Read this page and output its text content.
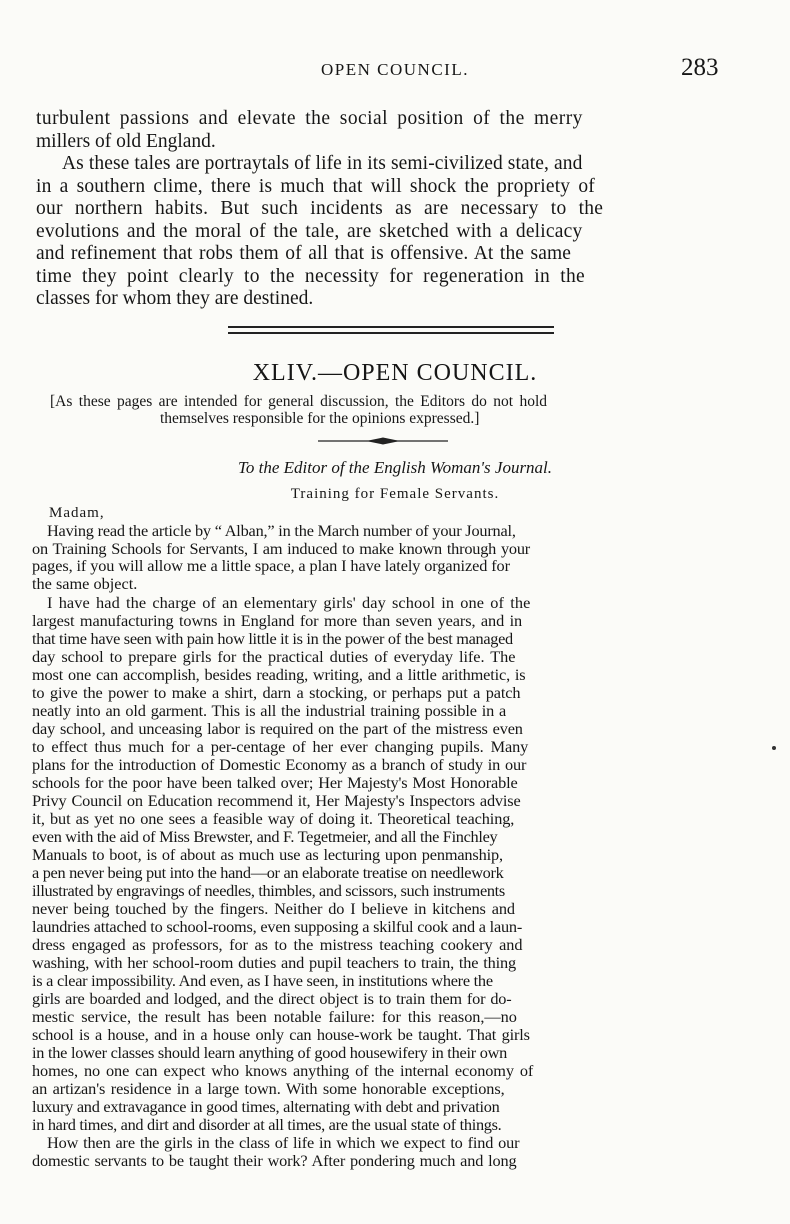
OPEN COUNCIL.	283
turbulent passions and elevate the social position of the merry
millers of old England.
As these tales are portraytals of life in its semi-civilized state, and
in a southern clime, there is much that will shock the propriety of
our northern habits. But such incidents as are necessary to the
evolutions and the moral of the tale, are sketched with a delicacy
and refinement that robs them of all that is offensive. At the same
time they point clearly to the necessity for regeneration in the
classes for whom they are destined.
XLIV.—OPEN COUNCIL.
[As these pages are intended for general discussion, the Editors do not hold
themselves responsible for the opinions expressed.]
To the Editor of the English Woman's Journal.
Training for Female Servants.
Madam,
Having read the article by “ Alban,” in the March number of your Journal,
on Training Schools for Servants, I am induced to make known through your
pages, if you will allow me a little space, a plan I have lately organized for
the same object.
I have had the charge of an elementary girls' day school in one of the
largest manufacturing towns in England for more than seven years, and in
that time have seen with pain how little it is in the power of the best managed
day school to prepare girls for the practical duties of everyday life. The
most one can accomplish, besides reading, writing, and a little arithmetic, is
to give the power to make a shirt, darn a stocking, or perhaps put a patch
neatly into an old garment. This is all the industrial training possible in a
day school, and unceasing labor is required on the part of the mistress even
to effect thus much for a per-centage of her ever changing pupils. Many
plans for the introduction of Domestic Economy as a branch of study in our
schools for the poor have been talked over; Her Majesty's Most Honorable
Privy Council on Education recommend it, Her Majesty's Inspectors advise
it, but as yet no one sees a feasible way of doing it. Theoretical teaching,
even with the aid of Miss Brewster, and F. Tegetmeier, and all the Finchley
Manuals to boot, is of about as much use as lecturing upon penmanship,
a pen never being put into the hand—or an elaborate treatise on needlework
illustrated by engravings of needles, thimbles, and scissors, such instruments
never being touched by the fingers. Neither do I believe in kitchens and
laundries attached to school-rooms, even supposing a skilful cook and a laun-
dress engaged as professors, for as to the mistress teaching cookery and
washing, with her school-room duties and pupil teachers to train, the thing
is a clear impossibility. And even, as I have seen, in institutions where the
girls are boarded and lodged, and the direct object is to train them for do-
mestic service, the result has been notable failure: for this reason,—no
school is a house, and in a house only can house-work be taught. That girls
in the lower classes should learn anything of good housewifery in their own
homes, no one can expect who knows anything of the internal economy of
an artizan's residence in a large town. With some honorable exceptions,
luxury and extravagance in good times, alternating with debt and privation
in hard times, and dirt and disorder at all times, are the usual state of things.
How then are the girls in the class of life in which we expect to find our
domestic servants to be taught their work? After pondering much and long
